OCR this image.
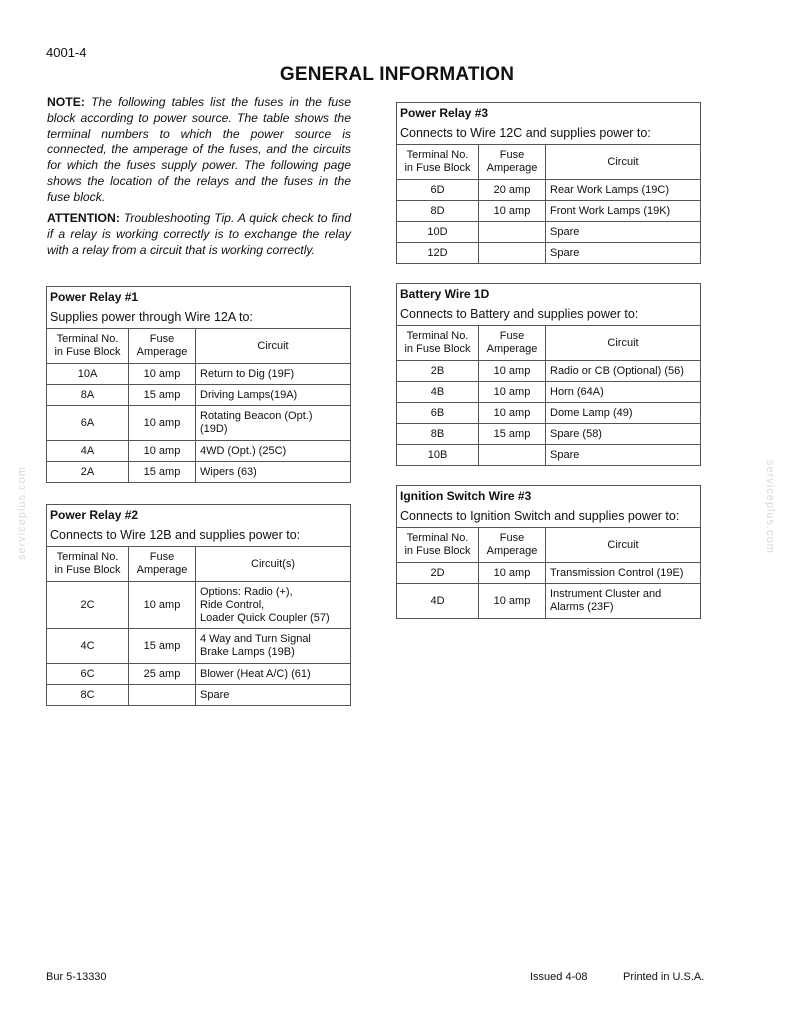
4001-4
GENERAL INFORMATION
NOTE: The following tables list the fuses in the fuse block according to power source. The table shows the terminal numbers to which the power source is connected, the amperage of the fuses, and the circuits for which the fuses supply power. The following page shows the location of the relays and the fuses in the fuse block.
ATTENTION: Troubleshooting Tip. A quick check to find if a relay is working correctly is to exchange the relay with a relay from a circuit that is working correctly.
Power Relay #1		
Supplies power through Wire 12A to:		
Terminal No.
in Fuse Block	Fuse
Amperage	Circuit
10A	10 amp	Return to Dig (19F)
8A	15 amp	Driving Lamps(19A)
6A	10 amp	Rotating Beacon (Opt.)
(19D)
4A	10 amp	4WD (Opt.) (25C)
2A	15 amp	Wipers (63)
Power Relay #2		
Connects to Wire 12B and supplies power to:		
Terminal No.
in Fuse Block	Fuse
Amperage	Circuit(s)
2C	10 amp	Options: Radio (+),
Ride Control,
Loader Quick Coupler (57)
4C	15 amp	4 Way and Turn Signal
Brake Lamps (19B)
6C	25 amp	Blower (Heat A/C) (61)
8C		Spare
Power Relay #3		
Connects to Wire 12C and supplies power to:		
Terminal No.
in Fuse Block	Fuse
Amperage	Circuit
6D	20 amp	Rear Work Lamps (19C)
8D	10 amp	Front Work Lamps (19K)
10D		Spare
12D		Spare
Battery Wire 1D		
Connects to Battery and supplies power to:		
Terminal No.
in Fuse Block	Fuse
Amperage	Circuit
2B	10 amp	Radio or CB (Optional) (56)
4B	10 amp	Horn (64A)
6B	10 amp	Dome Lamp (49)
8B	15 amp	Spare (58)
10B		Spare
Ignition Switch Wire #3		
Connects to Ignition Switch and supplies power to:		
Terminal No.
in Fuse Block	Fuse
Amperage	Circuit
2D	10 amp	Transmission Control (19E)
4D	10 amp	Instrument Cluster and
Alarms (23F)
serviceplus.com	serviceplus.com
Bur 5-13330	Issued 4-08	Printed in U.S.A.
